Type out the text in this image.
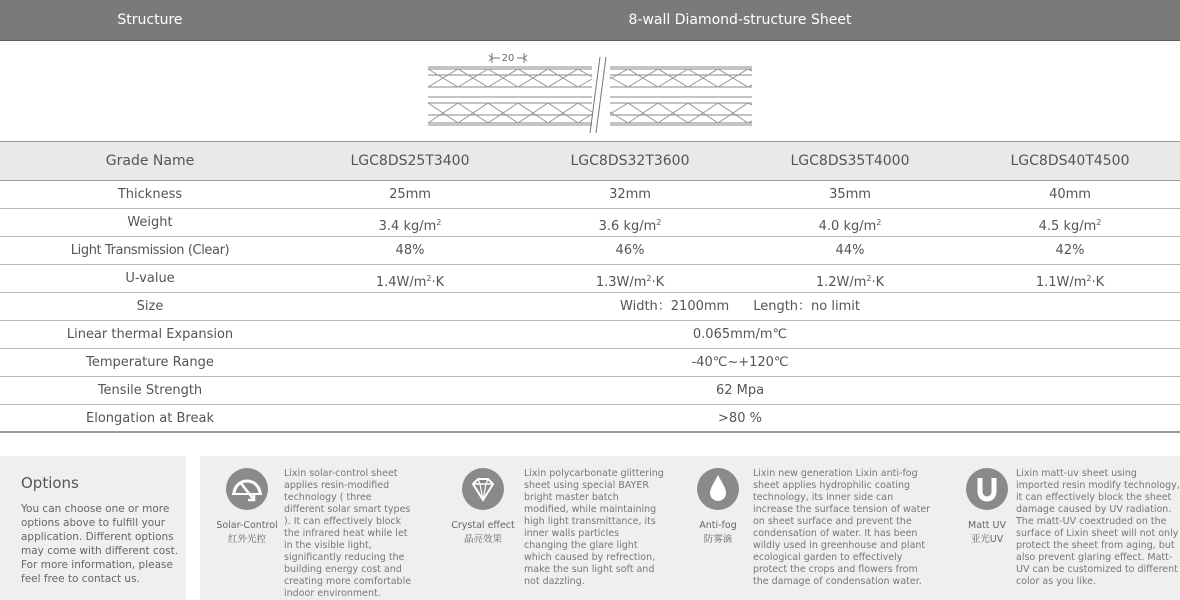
Structure	8-wall Diamond-structure Sheet
20
Grade Name	LGC8DS25T3400	LGC8DS32T3600	LGC8DS35T4000	LGC8DS40T4500
Thickness	25mm	32mm	35mm	40mm
Weight	3.4 $kg/m^2$	3.6 $kg/m^2$	4.0 $kg/m^2$	4.5 $kg/m^2$
Light Transmission (Clear)	48%	46%	44%	42%
U-value	$1.4W/m^2\cdot K$	$1.3W/m^2\cdot K$	$1.2W/m^2\cdot K$	$1.1W/m^2\cdot K$
Size	Width：2100mm Length：no limit
Linear thermal Expansion	0.065mm/m℃
Temperature Range	-40℃~+120℃
Tensile Strength	62 Mpa
Elongation at Break	>80 %
Options
You can choose one or more options above to fulfill your application. Different options may come with different cost. For more information, please feel free to contact us.
Solar-Control
红外光控
Lixin solar-control sheet applies resin-modified technology ( three different solar smart types ). It can effectively block the infrared heat while let in the visible light, significantly reducing the building energy cost and creating more comfortable indoor environment.
Crystal effect
晶亮效果
Lixin polycarbonate glittering sheet using special BAYER bright master batch modified, while maintaining high light transmittance, its inner walls particles changing the glare light which caused by refrection, make the sun light soft and not dazzling.
Anti-fog
防雾滴
Lixin new generation Lixin anti-fog sheet applies hydrophilic coating technology, its inner side can increase the surface tension of water on sheet surface and prevent the condensation of water. It has been wildly used in greenhouse and plant ecological garden to effectively protect the crops and flowers from the damage of condensation water.
Matt UV
亚光UV
Lixin matt-uv sheet using imported resin modify technology, it can effectively block the sheet damage caused by UV radiation. The matt-UV coextruded on the surface of Lixin sheet will not only protect the sheet from aging, but also prevent glaring effect. Matt-UV can be customized to different color as you like.
